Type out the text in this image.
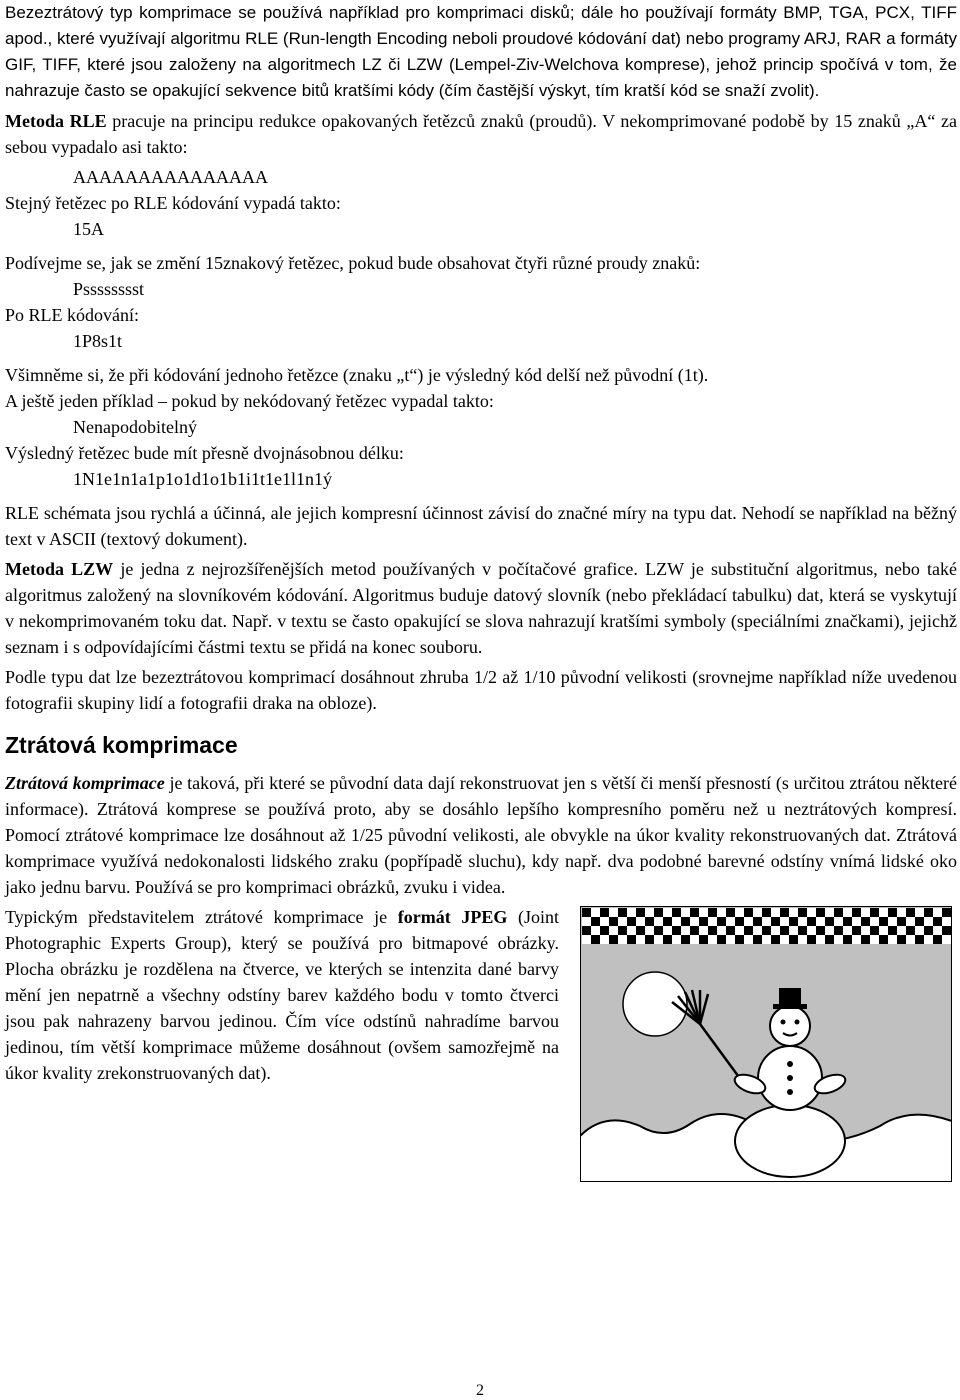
Bezeztrátový typ komprimace se používá například pro komprimaci disků; dále ho používají formáty BMP, TGA, PCX, TIFF apod., které využívají algoritmu RLE (Run-length Encoding neboli proudové kódování dat) nebo programy ARJ, RAR a formáty GIF, TIFF, které jsou založeny na algoritmech LZ či LZW (Lempel-Ziv-Welchova komprese), jehož princip spočívá v tom, že nahrazuje často se opakující sekvence bitů kratšími kódy (čím častější výskyt, tím kratší kód se snaží zvolit).

Metoda RLE pracuje na principu redukce opakovaných řetězců znaků (proudů). V nekomprimované podobě by 15 znaků „A“ za sebou vypadalo asi takto:

AAAAAAAAAAAAAAA

Stejný řetězec po RLE kódování vypadá takto:

15A

Podívejme se, jak se změní 15znakový řetězec, pokud bude obsahovat čtyři různé proudy znaků:

Psssssssst

Po RLE kódování:

1P8s1t

Všimněme si, že při kódování jednoho řetězce (znaku „t“) je výsledný kód delší než původní (1t).

A ještě jeden příklad – pokud by nekódovaný řetězec vypadal takto:

Nenapodobitelný

Výsledný řetězec bude mít přesně dvojnásobnou délku:

1N1e1n1a1p1o1d1o1b1i1t1e1l1n1ý

RLE schémata jsou rychlá a účinná, ale jejich kompresní účinnost závisí do značné míry na typu dat. Nehodí se například na běžný text v ASCII (textový dokument).

Metoda LZW je jedna z nejrozšířenějších metod používaných v počítačové grafice. LZW je substituční algoritmus, nebo také algoritmus založený na slovníkovém kódování. Algoritmus buduje datový slovník (nebo překládací tabulku) dat, která se vyskytují v nekomprimovaném toku dat. Např. v textu se často opakující se slova nahrazují kratšími symboly (speciálními značkami), jejichž seznam i s odpovídajícími částmi textu se přidá na konec souboru.

Podle typu dat lze bezeztrátovou komprimací dosáhnout zhruba 1/2 až 1/10 původní velikosti (srovnejme například níže uvedenou fotografii skupiny lidí a fotografii draka na obloze).

Ztrátová komprimace

Ztrátová komprimace je taková, při které se původní data dají rekonstruovat jen s větší či menší přesností (s určitou ztrátou některé informace). Ztrátová komprese se používá proto, aby se dosáhlo lepšího kompresního poměru než u neztrátových kompresí. Pomocí ztrátové komprimace lze dosáhnout až 1/25 původní velikosti, ale obvykle na úkor kvality rekonstruovaných dat. Ztrátová komprimace využívá nedokonalosti lidského zraku (popřípadě sluchu), kdy např. dva podobné barevné odstíny vnímá lidské oko jako jednu barvu. Používá se pro komprimaci obrázků, zvuku i videa.

Typickým představitelem ztrátové komprimace je formát JPEG (Joint Photographic Experts Group), který se používá pro bitmapové obrázky. Plocha obrázku je rozdělena na čtverce, ve kterých se intenzita dané barvy mění jen nepatrně a všechny odstíny barev každého bodu v tomto čtverci jsou pak nahrazeny barvou jedinou. Čím více odstínů nahradíme barvou jedinou, tím větší komprimace můžeme dosáhnout (ovšem samozřejmě na úkor kvality zrekonstruovaných dat).

2
